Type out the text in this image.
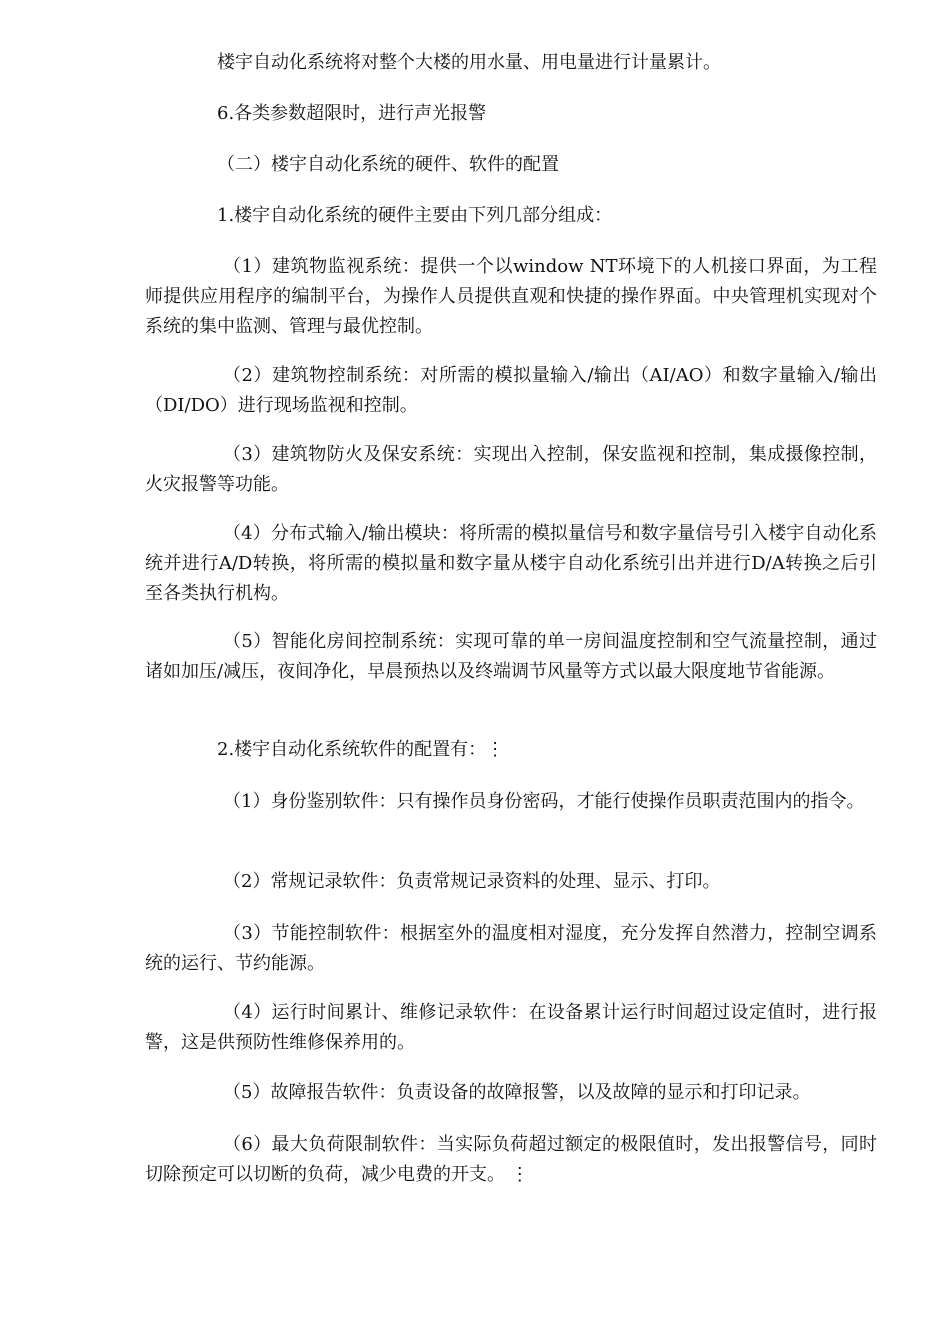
楼宇自动化系统将对整个大楼的用水量、用电量进行计量累计。

6.各类参数超限时，进行声光报警

（二）楼宇自动化系统的硬件、软件的配置

1.楼宇自动化系统的硬件主要由下列几部分组成：

（1）建筑物监视系统：提供一个以window NT环境下的人机接口界面，为工程师提供应用程序的编制平台，为操作人员提供直观和快捷的操作界面。中央管理机实现对个系统的集中监测、管理与最优控制。

（2）建筑物控制系统：对所需的模拟量输入/输出（AI/AO）和数字量输入/输出（DI/DO）进行现场监视和控制。

（3）建筑物防火及保安系统：实现出入控制，保安监视和控制，集成摄像控制，火灾报警等功能。

（4）分布式输入/输出模块：将所需的模拟量信号和数字量信号引入楼宇自动化系统并进行A/D转换，将所需的模拟量和数字量从楼宇自动化系统引出并进行D/A转换之后引至各类执行机构。

（5）智能化房间控制系统：实现可靠的单一房间温度控制和空气流量控制，通过诸如加压/减压，夜间净化，早晨预热以及终端调节风量等方式以最大限度地节省能源。

2.楼宇自动化系统软件的配置有：⋮

（1）身份鉴别软件：只有操作员身份密码，才能行使操作员职责范围内的指令。

（2）常规记录软件：负责常规记录资料的处理、显示、打印。

（3）节能控制软件：根据室外的温度相对湿度，充分发挥自然潜力，控制空调系统的运行、节约能源。

（4）运行时间累计、维修记录软件：在设备累计运行时间超过设定值时，进行报警，这是供预防性维修保养用的。

（5）故障报告软件：负责设备的故障报警，以及故障的显示和打印记录。

（6）最大负荷限制软件：当实际负荷超过额定的极限值时，发出报警信号，同时切除预定可以切断的负荷，减少电费的开支。 ⋮
